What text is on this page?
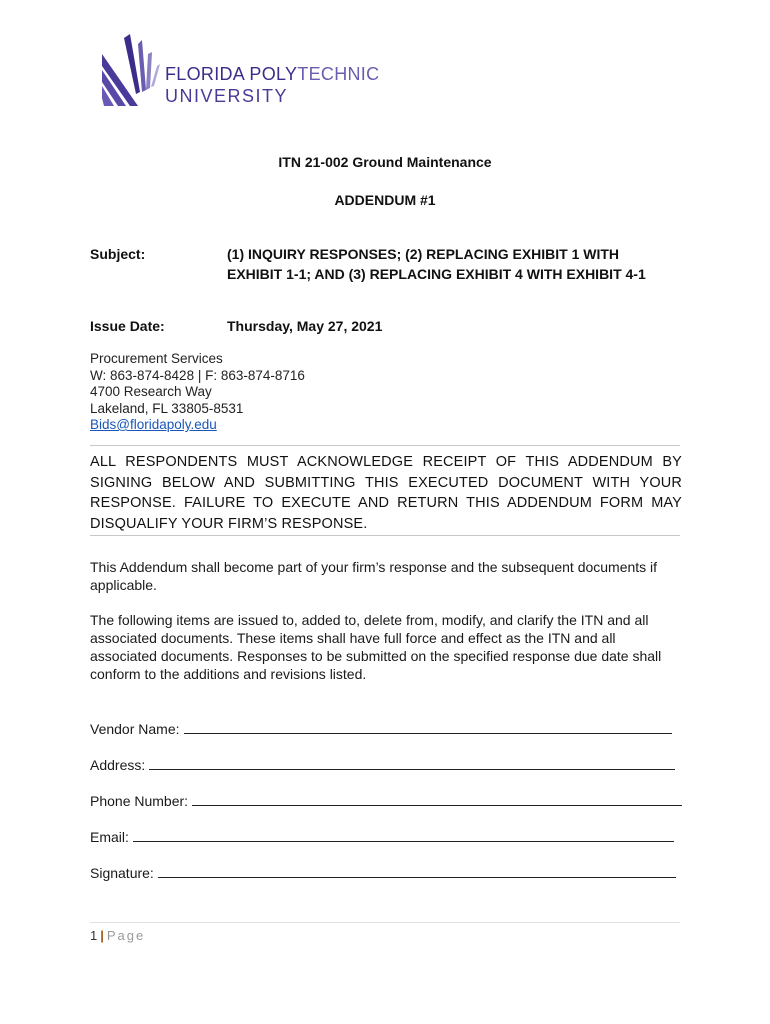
FLORIDA POLYTECHNIC
UNIVERSITY
ITN 21-002 Ground Maintenance
ADDENDUM #1
Subject:	(1) INQUIRY RESPONSES; (2) REPLACING EXHIBIT 1 WITH
EXHIBIT 1-1; AND (3) REPLACING EXHIBIT 4 WITH EXHIBIT 4-1
Issue Date:	Thursday, May 27, 2021
Procurement Services
W: 863-874-8428 | F: 863-874-8716
4700 Research Way
Lakeland, FL 33805-8531
Bids@floridapoly.edu
ALL RESPONDENTS MUST ACKNOWLEDGE RECEIPT OF THIS ADDENDUM BY SIGNING BELOW AND SUBMITTING THIS EXECUTED DOCUMENT WITH YOUR RESPONSE. FAILURE TO EXECUTE AND RETURN THIS ADDENDUM FORM MAY DISQUALIFY YOUR FIRM’S RESPONSE.
This Addendum shall become part of your firm’s response and the subsequent documents if applicable.
The following items are issued to, added to, delete from, modify, and clarify the ITN and all associated documents. These items shall have full force and effect as the ITN and all associated documents. Responses to be submitted on the specified response due date shall conform to the additions and revisions listed.
Vendor Name:
Address:
Phone Number:
Email:
Signature:
1 | Page
